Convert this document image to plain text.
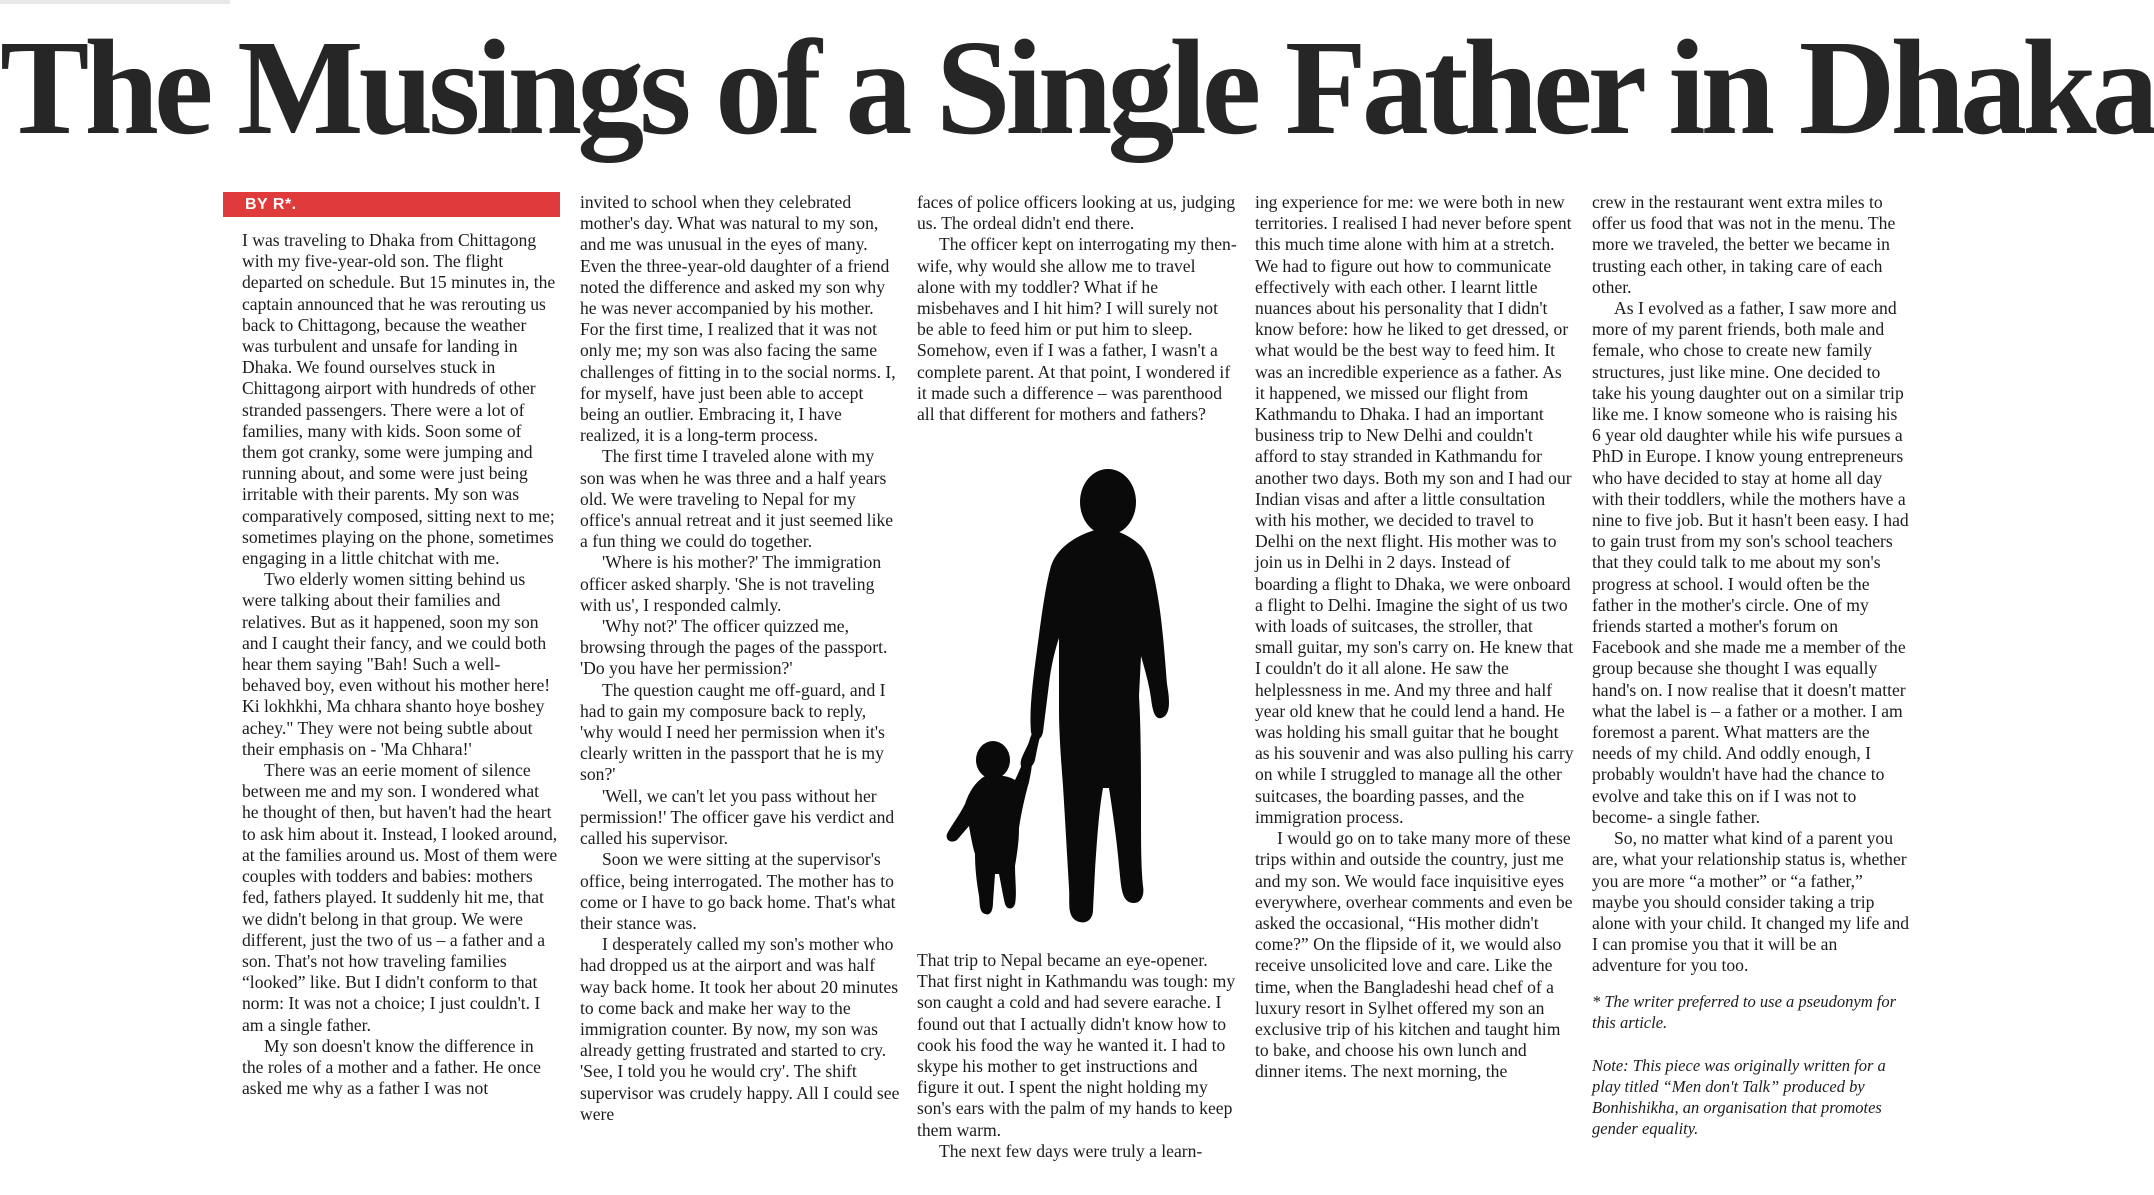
The Musings of a Single Father in Dhaka
BY R*.

I was traveling to Dhaka from Chittagong with my five-year-old son. The flight departed on schedule. But 15 minutes in, the captain announced that he was rerouting us back to Chittagong, because the weather was turbulent and unsafe for landing in Dhaka. We found ourselves stuck in Chittagong airport with hundreds of other stranded passengers. There were a lot of families, many with kids. Soon some of them got cranky, some were jumping and running about, and some were just being irritable with their parents. My son was comparatively composed, sitting next to me; sometimes playing on the phone, sometimes engaging in a little chitchat with me.

Two elderly women sitting behind us were talking about their families and relatives. But as it happened, soon my son and I caught their fancy, and we could both hear them saying "Bah! Such a well-behaved boy, even without his mother here! Ki lokhkhi, Ma chhara shanto hoye boshey achey." They were not being subtle about their emphasis on - 'Ma Chhara!'

There was an eerie moment of silence between me and my son. I wondered what he thought of then, but haven't had the heart to ask him about it. Instead, I looked around, at the families around us. Most of them were couples with todders and babies: mothers fed, fathers played. It suddenly hit me, that we didn't belong in that group. We were different, just the two of us – a father and a son. That's not how traveling families “looked” like. But I didn't conform to that norm: It was not a choice; I just couldn't. I am a single father.

My son doesn't know the difference in the roles of a mother and a father. He once asked me why as a father I was not

invited to school when they celebrated mother's day. What was natural to my son, and me was unusual in the eyes of many. Even the three-year-old daughter of a friend noted the difference and asked my son why he was never accompanied by his mother. For the first time, I realized that it was not only me; my son was also facing the same challenges of fitting in to the social norms. I, for myself, have just been able to accept being an outlier. Embracing it, I have realized, it is a long-term process.

The first time I traveled alone with my son was when he was three and a half years old. We were traveling to Nepal for my office's annual retreat and it just seemed like a fun thing we could do together.

'Where is his mother?' The immigration officer asked sharply. 'She is not traveling with us', I responded calmly.

'Why not?' The officer quizzed me, browsing through the pages of the passport. 'Do you have her permission?'

The question caught me off-guard, and I had to gain my composure back to reply, 'why would I need her permission when it's clearly written in the passport that he is my son?'

'Well, we can't let you pass without her permission!' The officer gave his verdict and called his supervisor.

Soon we were sitting at the supervisor's office, being interrogated. The mother has to come or I have to go back home. That's what their stance was.

I desperately called my son's mother who had dropped us at the airport and was half way back home. It took her about 20 minutes to come back and make her way to the immigration counter. By now, my son was already getting frustrated and started to cry. 'See, I told you he would cry'. The shift supervisor was crudely happy. All I could see were

faces of police officers looking at us, judging us. The ordeal didn't end there.

The officer kept on interrogating my then-wife, why would she allow me to travel alone with my toddler? What if he misbehaves and I hit him? I will surely not be able to feed him or put him to sleep. Somehow, even if I was a father, I wasn't a complete parent. At that point, I wondered if it made such a difference – was parenthood all that different for mothers and fathers?

That trip to Nepal became an eye-opener. That first night in Kathmandu was tough: my son caught a cold and had severe earache. I found out that I actually didn't know how to cook his food the way he wanted it. I had to skype his mother to get instructions and figure it out. I spent the night holding my son's ears with the palm of my hands to keep them warm.

The next few days were truly a learn-

ing experience for me: we were both in new territories. I realised I had never before spent this much time alone with him at a stretch. We had to figure out how to communicate effectively with each other. I learnt little nuances about his personality that I didn't know before: how he liked to get dressed, or what would be the best way to feed him. It was an incredible experience as a father. As it happened, we missed our flight from Kathmandu to Dhaka. I had an important business trip to New Delhi and couldn't afford to stay stranded in Kathmandu for another two days. Both my son and I had our Indian visas and after a little consultation with his mother, we decided to travel to Delhi on the next flight. His mother was to join us in Delhi in 2 days. Instead of boarding a flight to Dhaka, we were onboard a flight to Delhi. Imagine the sight of us two with loads of suitcases, the stroller, that small guitar, my son's carry on. He knew that I couldn't do it all alone. He saw the helplessness in me. And my three and half year old knew that he could lend a hand. He was holding his small guitar that he bought as his souvenir and was also pulling his carry on while I struggled to manage all the other suitcases, the boarding passes, and the immigration process.

I would go on to take many more of these trips within and outside the country, just me and my son. We would face inquisitive eyes everywhere, overhear comments and even be asked the occasional, “His mother didn't come?” On the flipside of it, we would also receive unsolicited love and care. Like the time, when the Bangladeshi head chef of a luxury resort in Sylhet offered my son an exclusive trip of his kitchen and taught him to bake, and choose his own lunch and dinner items. The next morning, the

crew in the restaurant went extra miles to offer us food that was not in the menu. The more we traveled, the better we became in trusting each other, in taking care of each other.

As I evolved as a father, I saw more and more of my parent friends, both male and female, who chose to create new family structures, just like mine. One decided to take his young daughter out on a similar trip like me. I know someone who is raising his 6 year old daughter while his wife pursues a PhD in Europe. I know young entrepreneurs who have decided to stay at home all day with their toddlers, while the mothers have a nine to five job. But it hasn't been easy. I had to gain trust from my son's school teachers that they could talk to me about my son's progress at school. I would often be the father in the mother's circle. One of my friends started a mother's forum on Facebook and she made me a member of the group because she thought I was equally hand's on. I now realise that it doesn't matter what the label is – a father or a mother. I am foremost a parent. What matters are the needs of my child. And oddly enough, I probably wouldn't have had the chance to evolve and take this on if I was not to become- a single father.

So, no matter what kind of a parent you are, what your relationship status is, whether you are more “a mother” or “a father,” maybe you should consider taking a trip alone with your child. It changed my life and I can promise you that it will be an adventure for you too.

* The writer preferred to use a pseudonym for this article.

Note: This piece was originally written for a play titled “Men don't Talk” produced by Bonhishikha, an organisation that promotes gender equality.
